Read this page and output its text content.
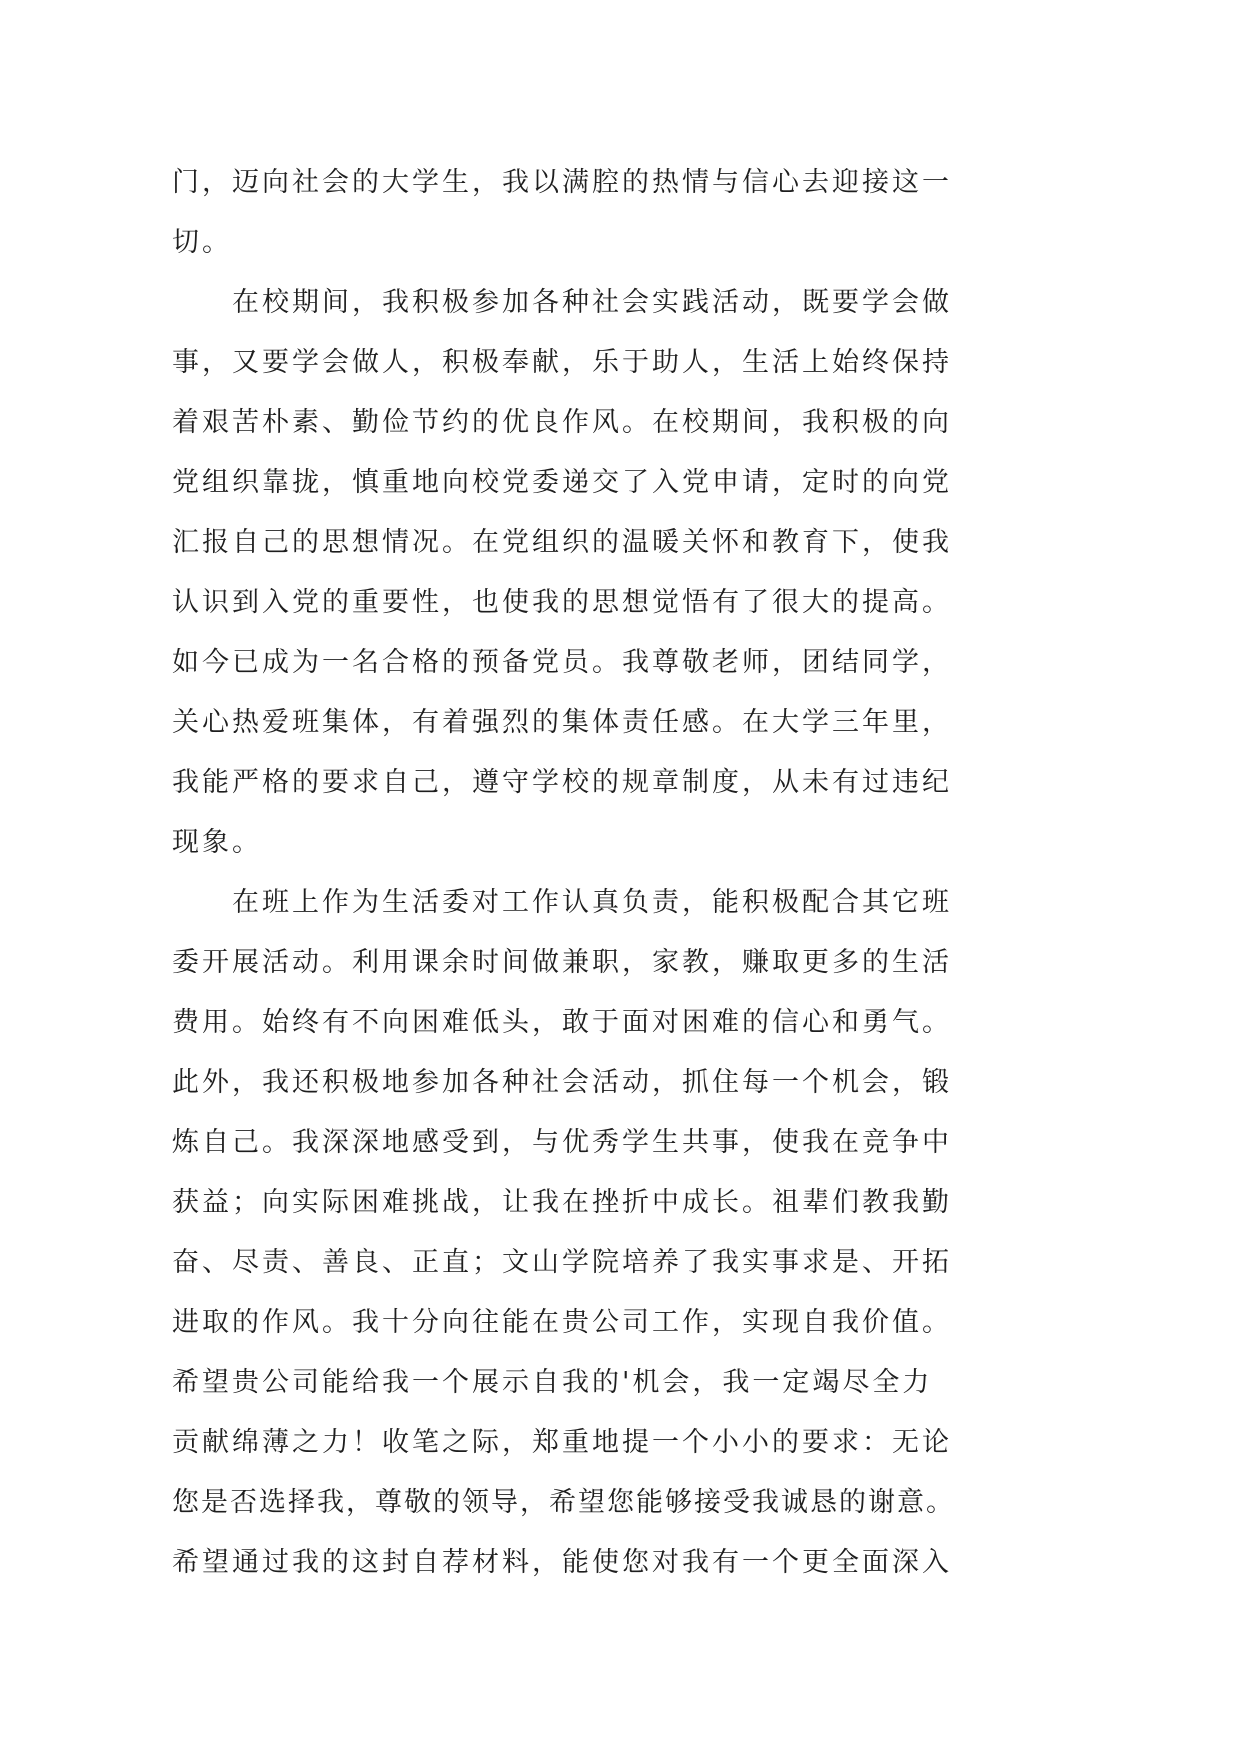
门，迈向社会的大学生，我以满腔的热情与信心去迎接这一
切。
在校期间，我积极参加各种社会实践活动，既要学会做
事，又要学会做人，积极奉献，乐于助人，生活上始终保持
着艰苦朴素、勤俭节约的优良作风。在校期间，我积极的向
党组织靠拢，慎重地向校党委递交了入党申请，定时的向党
汇报自己的思想情况。在党组织的温暖关怀和教育下，使我
认识到入党的重要性，也使我的思想觉悟有了很大的提高。
如今已成为一名合格的预备党员。我尊敬老师，团结同学，
关心热爱班集体，有着强烈的集体责任感。在大学三年里，
我能严格的要求自己，遵守学校的规章制度，从未有过违纪
现象。
在班上作为生活委对工作认真负责，能积极配合其它班
委开展活动。利用课余时间做兼职，家教，赚取更多的生活
费用。始终有不向困难低头，敢于面对困难的信心和勇气。
此外，我还积极地参加各种社会活动，抓住每一个机会，锻
炼自己。我深深地感受到，与优秀学生共事，使我在竞争中
获益；向实际困难挑战，让我在挫折中成长。祖辈们教我勤
奋、尽责、善良、正直；文山学院培养了我实事求是、开拓
进取的作风。我十分向往能在贵公司工作，实现自我价值。
希望贵公司能给我一个展示自我的'机会，我一定竭尽全力
贡献绵薄之力！收笔之际，郑重地提一个小小的要求：无论
您是否选择我，尊敬的领导，希望您能够接受我诚恳的谢意。
希望通过我的这封自荐材料，能使您对我有一个更全面深入
